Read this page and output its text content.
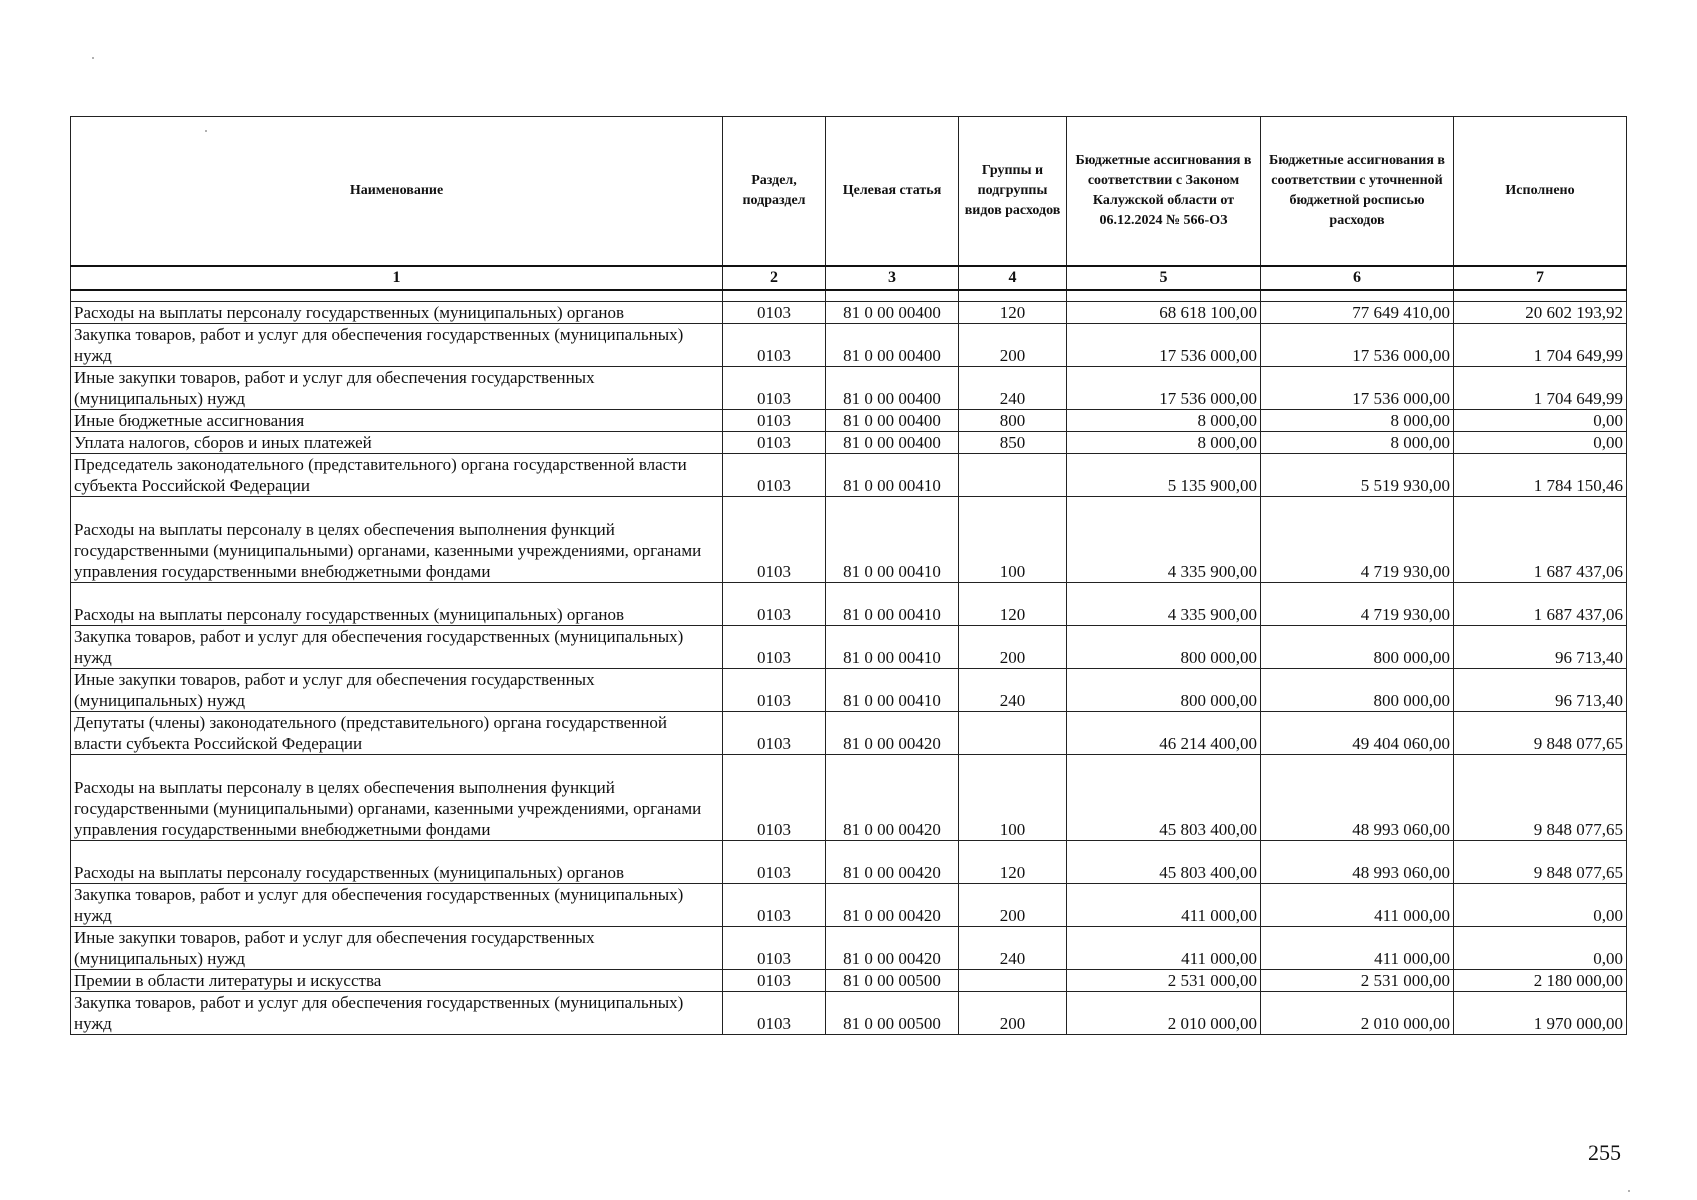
Наименование	Раздел, подраздел	Целевая статья	Группы и подгруппы видов расходов	Бюджетные ассигнования в соответствии с Законом Калужской области от 06.12.2024 № 566-ОЗ	Бюджетные ассигнования в соответствии с уточненной бюджетной росписью расходов	Исполнено
1	2	3	4	5	6	7

Расходы на выплаты персоналу государственных (муниципальных) органов	0103	81 0 00 00400	120	68 618 100,00	77 649 410,00	20 602 193,92
Закупка товаров, работ и услуг для обеспечения государственных (муниципальных) нужд	0103	81 0 00 00400	200	17 536 000,00	17 536 000,00	1 704 649,99
Иные закупки товаров, работ и услуг для обеспечения государственных (муниципальных) нужд	0103	81 0 00 00400	240	17 536 000,00	17 536 000,00	1 704 649,99
Иные бюджетные ассигнования	0103	81 0 00 00400	800	8 000,00	8 000,00	0,00
Уплата налогов, сборов и иных платежей	0103	81 0 00 00400	850	8 000,00	8 000,00	0,00
Председатель законодательного (представительного) органа государственной власти субъекта Российской Федерации	0103	81 0 00 00410		5 135 900,00	5 519 930,00	1 784 150,46
Расходы на выплаты персоналу в целях обеспечения выполнения функций государственными (муниципальными) органами, казенными учреждениями, органами управления государственными внебюджетными фондами	0103	81 0 00 00410	100	4 335 900,00	4 719 930,00	1 687 437,06
Расходы на выплаты персоналу государственных (муниципальных) органов	0103	81 0 00 00410	120	4 335 900,00	4 719 930,00	1 687 437,06
Закупка товаров, работ и услуг для обеспечения государственных (муниципальных) нужд	0103	81 0 00 00410	200	800 000,00	800 000,00	96 713,40
Иные закупки товаров, работ и услуг для обеспечения государственных (муниципальных) нужд	0103	81 0 00 00410	240	800 000,00	800 000,00	96 713,40
Депутаты (члены) законодательного (представительного) органа государственной власти субъекта Российской Федерации	0103	81 0 00 00420		46 214 400,00	49 404 060,00	9 848 077,65
Расходы на выплаты персоналу в целях обеспечения выполнения функций государственными (муниципальными) органами, казенными учреждениями, органами управления государственными внебюджетными фондами	0103	81 0 00 00420	100	45 803 400,00	48 993 060,00	9 848 077,65
Расходы на выплаты персоналу государственных (муниципальных) органов	0103	81 0 00 00420	120	45 803 400,00	48 993 060,00	9 848 077,65
Закупка товаров, работ и услуг для обеспечения государственных (муниципальных) нужд	0103	81 0 00 00420	200	411 000,00	411 000,00	0,00
Иные закупки товаров, работ и услуг для обеспечения государственных (муниципальных) нужд	0103	81 0 00 00420	240	411 000,00	411 000,00	0,00
Премии в области литературы и искусства	0103	81 0 00 00500		2 531 000,00	2 531 000,00	2 180 000,00
Закупка товаров, работ и услуг для обеспечения государственных (муниципальных) нужд	0103	81 0 00 00500	200	2 010 000,00	2 010 000,00	1 970 000,00
255
